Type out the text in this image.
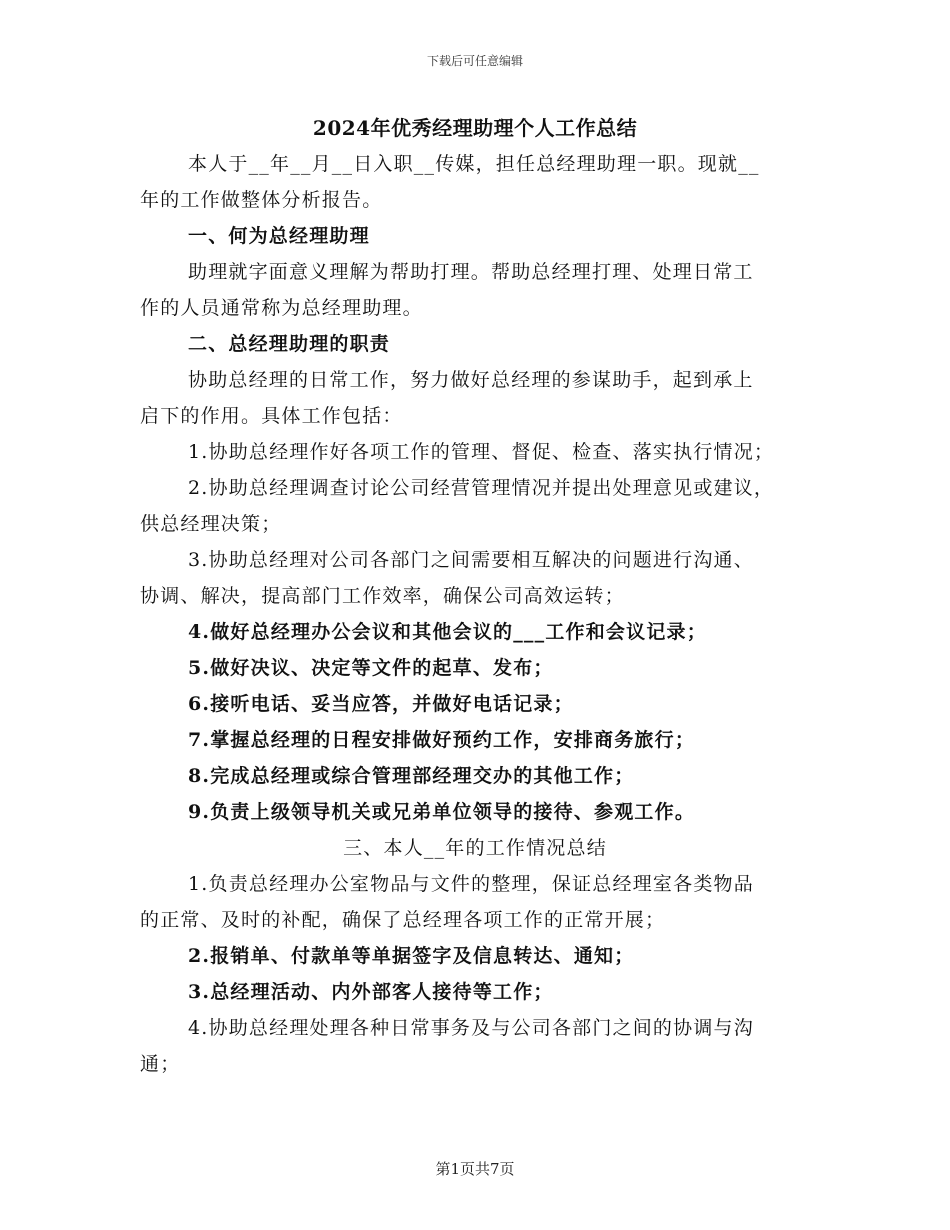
下载后可任意编辑
2024年优秀经理助理个人工作总结
本人于__年__月__日入职__传媒，担任总经理助理一职。现就__
年的工作做整体分析报告。
一、何为总经理助理
助理就字面意义理解为帮助打理。帮助总经理打理、处理日常工
作的人员通常称为总经理助理。
二、总经理助理的职责
协助总经理的日常工作，努力做好总经理的参谋助手，起到承上
启下的作用。具体工作包括：
1.协助总经理作好各项工作的管理、督促、检查、落实执行情况；
2.协助总经理调查讨论公司经营管理情况并提出处理意见或建议，
供总经理决策；
3.协助总经理对公司各部门之间需要相互解决的问题进行沟通、
协调、解决，提高部门工作效率，确保公司高效运转；
4.做好总经理办公会议和其他会议的___工作和会议记录；
5.做好决议、决定等文件的起草、发布；
6.接听电话、妥当应答，并做好电话记录；
7.掌握总经理的日程安排做好预约工作，安排商务旅行；
8.完成总经理或综合管理部经理交办的其他工作；
9.负责上级领导机关或兄弟单位领导的接待、参观工作。
三、本人__年的工作情况总结
1.负责总经理办公室物品与文件的整理，保证总经理室各类物品
的正常、及时的补配，确保了总经理各项工作的正常开展；
2.报销单、付款单等单据签字及信息转达、通知；
3.总经理活动、内外部客人接待等工作；
4.协助总经理处理各种日常事务及与公司各部门之间的协调与沟
通；
第1页共7页
